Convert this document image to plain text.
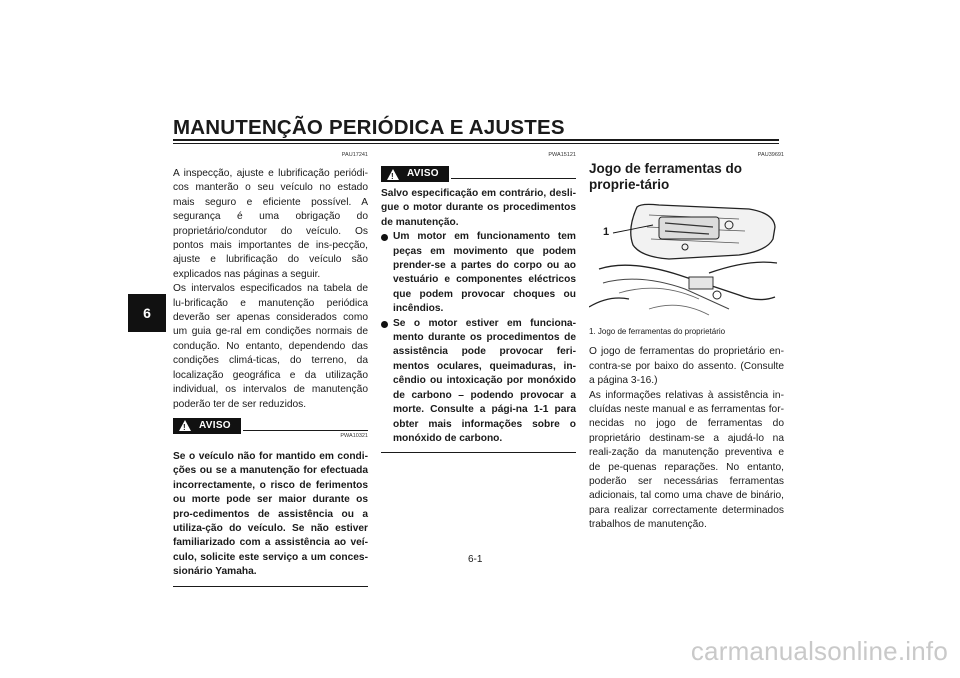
MANUTENÇÃO PERIÓDICA E AJUSTES
6
PAU17241

A inspecção, ajuste e lubrificação periódi-cos manterão o seu veículo no estado mais seguro e eficiente possível. A segurança é uma obrigação do proprietário/condutor do veículo. Os pontos mais importantes de ins-pecção, ajuste e lubrificação do veículo são explicados nas páginas a seguir.

Os intervalos especificados na tabela de lu-brificação e manutenção periódica deverão ser apenas considerados como um guia ge-ral em condições normais de condução. No entanto, dependendo das condições climá-ticas, do terreno, da localização geográfica e da utilização individual, os intervalos de manutenção poderão ter de ser reduzidos.

!
AVISO
PWA10321

Se o veículo não for mantido em condi-ções ou se a manutenção for efectuada incorrectamente, o risco de ferimentos ou morte pode ser maior durante os pro-cedimentos de assistência ou a utiliza-ção do veículo. Se não estiver familiarizado com a assistência ao veí-culo, solicite este serviço a um conces-sionário Yamaha.

PWA15121
!
AVISO

Salvo especificação em contrário, desli-gue o motor durante os procedimentos de manutenção.

Um motor em funcionamento tem peças em movimento que podem prender-se a partes do corpo ou ao vestuário e componentes eléctricos que podem provocar choques ou incêndios.
Se o motor estiver em funciona-mento durante os procedimentos de assistência pode provocar feri-mentos oculares, queimaduras, in-cêndio ou intoxicação por monóxido de carbono – podendo provocar a morte. Consulte a pági-na 1-1 para obter mais informações sobre o monóxido de carbono.
PAU39691
Jogo de ferramentas do proprie-tário
1
1. Jogo de ferramentas do proprietário

O jogo de ferramentas do proprietário en-contra-se por baixo do assento. (Consulte a página 3-16.)

As informações relativas à assistência in-cluídas neste manual e as ferramentas for-necidas no jogo de ferramentas do proprietário destinam-se a ajudá-lo na reali-zação da manutenção preventiva e de pe-quenas reparações. No entanto, poderão ser necessárias ferramentas adicionais, tal como uma chave de binário, para realizar correctamente determinados trabalhos de manutenção.

6-1
carmanualsonline.info
